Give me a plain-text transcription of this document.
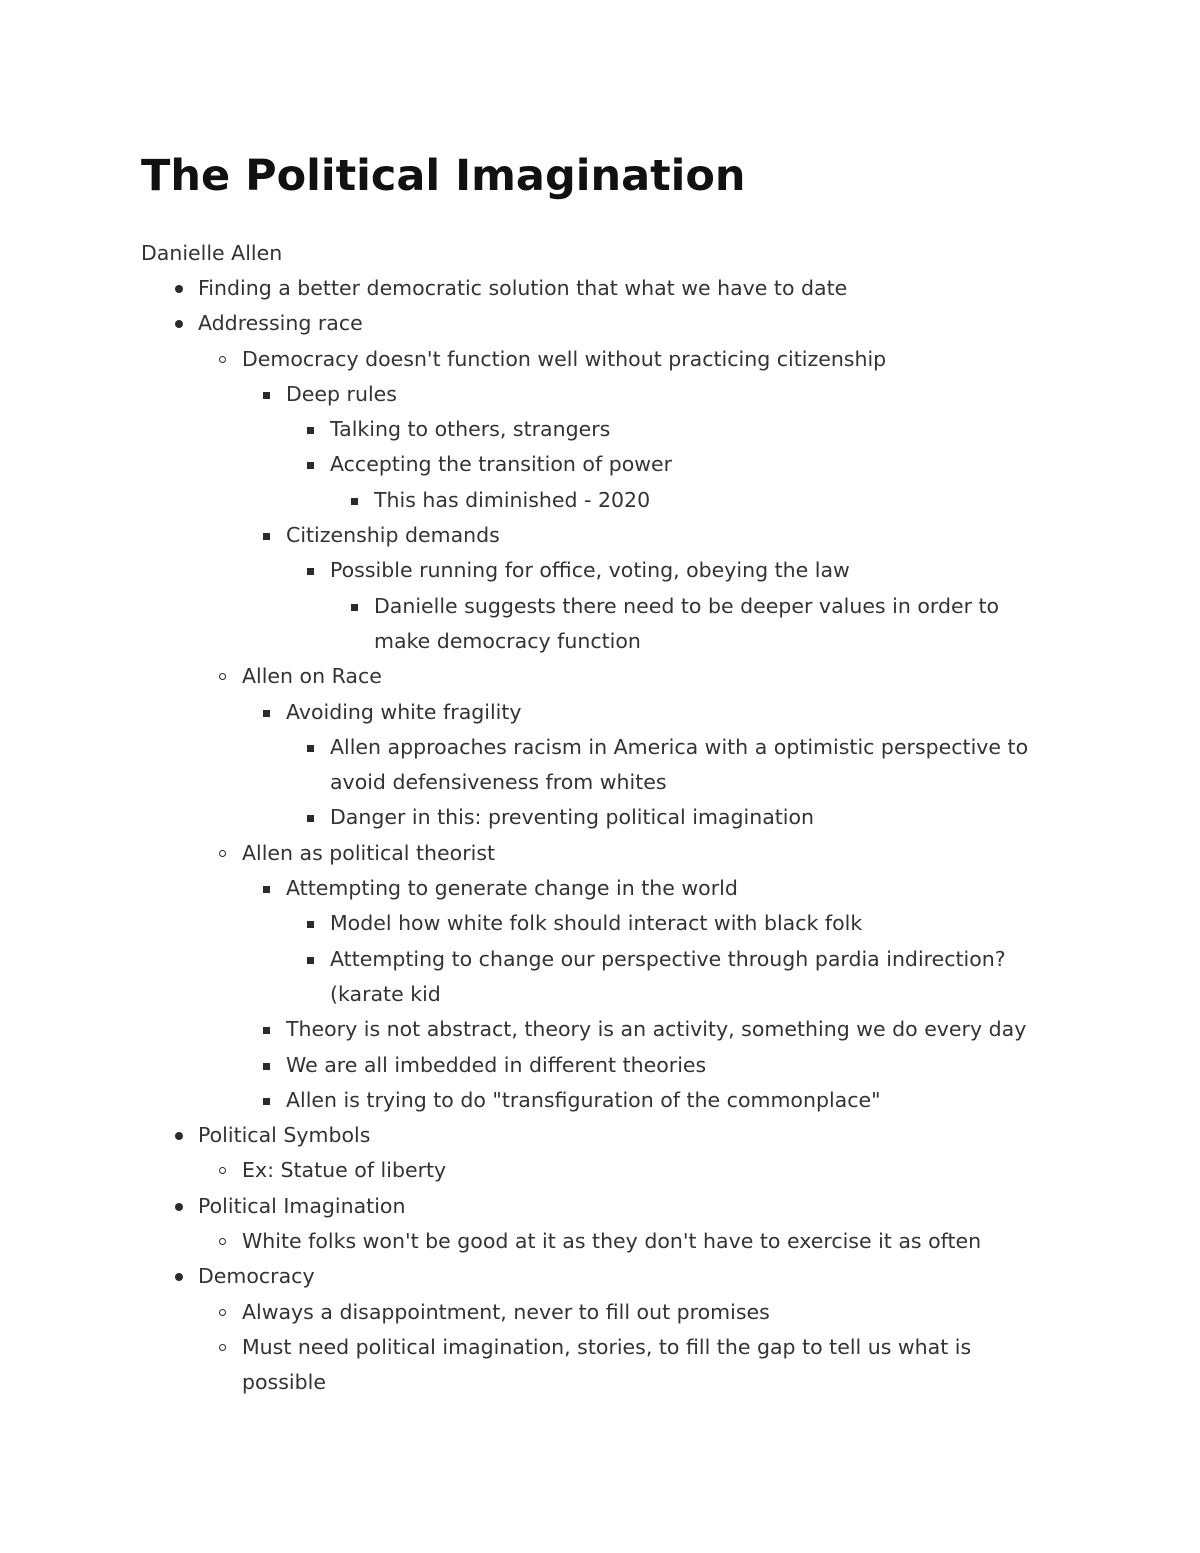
The Political Imagination
Danielle Allen
Finding a better democratic solution that what we have to date
Addressing race
Democracy doesn't function well without practicing citizenship
Deep rules
Talking to others, strangers
Accepting the transition of power
This has diminished - 2020
Citizenship demands
Possible running for office, voting, obeying the law
Danielle suggests there need to be deeper values in order to make democracy function
Allen on Race
Avoiding white fragility
Allen approaches racism in America with a optimistic perspective to avoid defensiveness from whites
Danger in this: preventing political imagination
Allen as political theorist
Attempting to generate change in the world
Model how white folk should interact with black folk
Attempting to change our perspective through pardia indirection? (karate kid
Theory is not abstract, theory is an activity, something we do every day
We are all imbedded in different theories
Allen is trying to do "transfiguration of the commonplace"
Political Symbols
Ex: Statue of liberty
Political Imagination
White folks won't be good at it as they don't have to exercise it as often
Democracy
Always a disappointment, never to fill out promises
Must need political imagination, stories, to fill the gap to tell us what is possible
